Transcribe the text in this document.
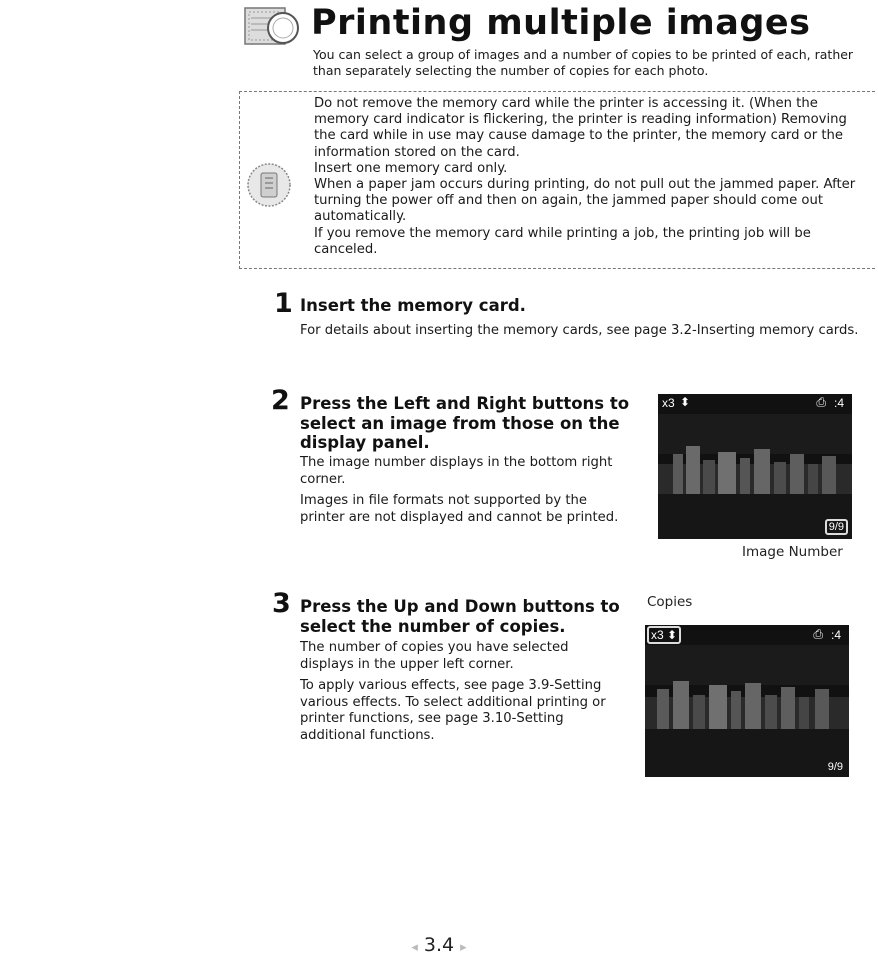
Printing multiple images
You can select a group of images and a number of copies to be printed of each, rather than separately selecting the number of copies for each photo.
Do not remove the memory card while the printer is accessing it. (When the memory card indicator is flickering, the printer is reading information) Removing the card while in use may cause damage to the printer, the memory card or the information stored on the card.
Insert one memory card only.
When a paper jam occurs during printing, do not pull out the jammed paper. After turning the power off and then on again, the jammed paper should come out automatically.
If you remove the memory card while printing a job, the printing job will be canceled.
1 Insert the memory card.

For details about inserting the memory cards, see page 3.2-Inserting memory cards.

2 Press the Left and Right buttons to select an image from those on the display panel.

The image number displays in the bottom right corner.

Images in file formats not supported by the printer are not displayed and cannot be printed.

x3 ⬍	⎙ :4
9/9
Image Number
3 Press the Up and Down buttons to select the number of copies.

The number of copies you have selected displays in the upper left corner.

To apply various effects, see page 3.9-Setting various effects. To select additional printing or printer functions, see page 3.10-Setting additional functions.

Copies
x3 ⬍	⎙ :4
9/9
◂ 3.4 ▸
